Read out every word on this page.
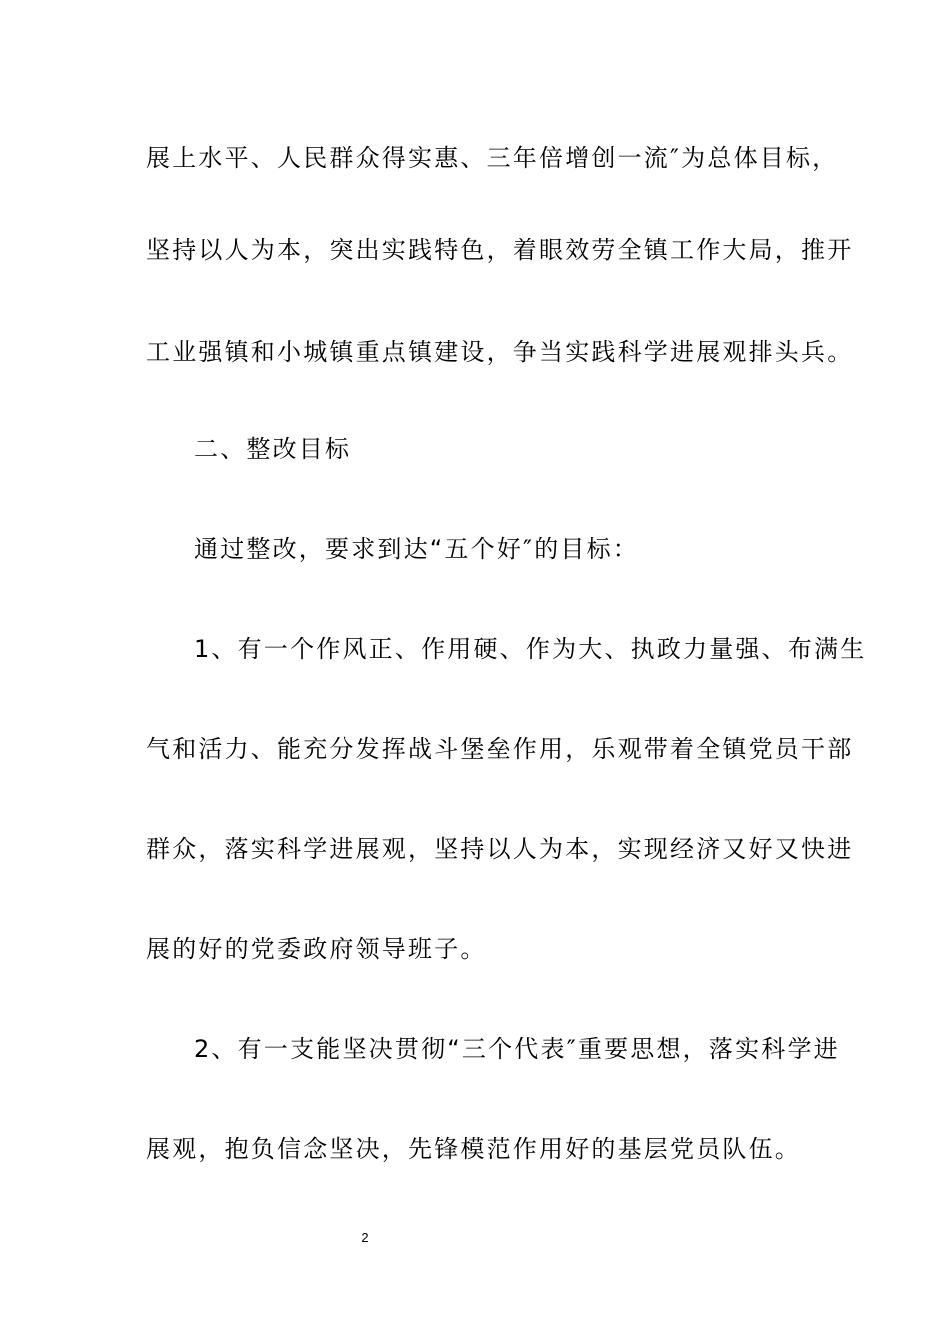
展上水平、人民群众得实惠、三年倍增创一流″为总体目标，
坚持以人为本，突出实践特色，着眼效劳全镇工作大局，推开
工业强镇和小城镇重点镇建设，争当实践科学进展观排头兵。
二、整改目标
通过整改，要求到达“五个好″的目标：
1、有一个作风正、作用硬、作为大、执政力量强、布满生
气和活力、能充分发挥战斗堡垒作用，乐观带着全镇党员干部
群众，落实科学进展观，坚持以人为本，实现经济又好又快进
展的好的党委政府领导班子。
2、有一支能坚决贯彻“三个代表″重要思想，落实科学进
展观，抱负信念坚决，先锋模范作用好的基层党员队伍。
2
